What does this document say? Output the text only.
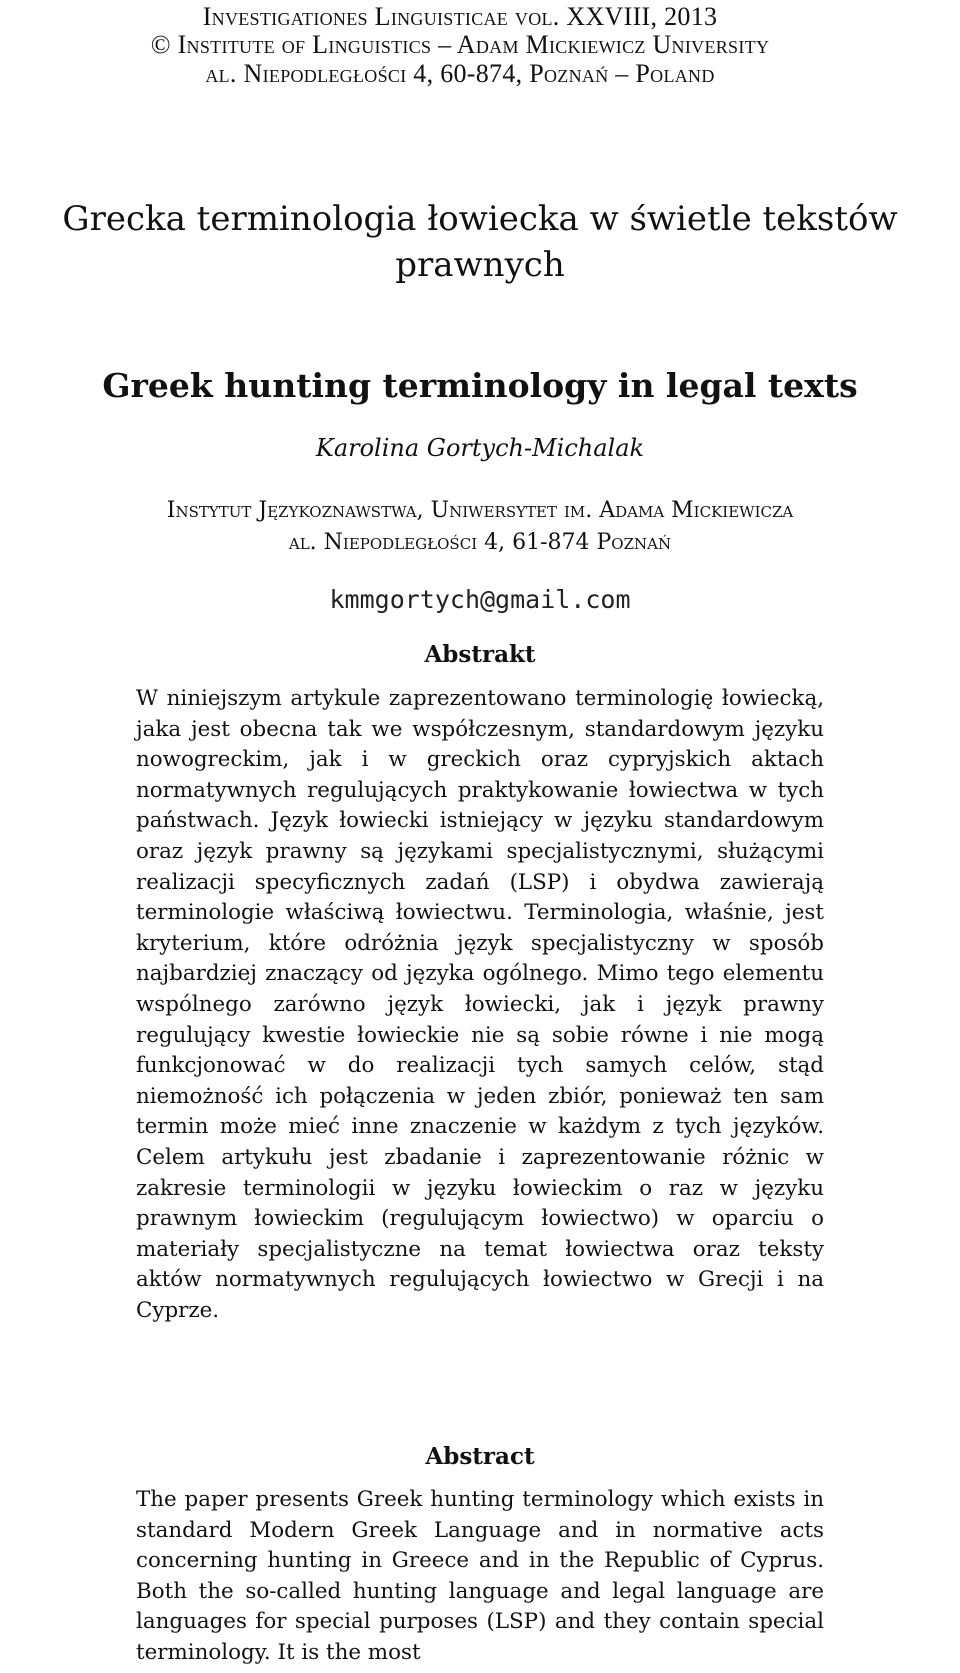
Investigationes Linguisticae vol. XXVIII, 2013
© Institute of Linguistics – Adam Mickiewicz University
al. Niepodległości 4, 60-874, Poznań – Poland
Grecka terminologia łowiecka w świetle tekstów prawnych
Greek hunting terminology in legal texts
Karolina Gortych-Michalak
Instytut Językoznawstwa, Uniwersytet im. Adama Mickiewicza
al. Niepodległości 4, 61-874 Poznań
kmmgortych@gmail.com
Abstrakt

W niniejszym artykule zaprezentowano terminologię łowiecką, jaka jest obecna tak we współczesnym, standardowym języku nowogreckim, jak i w greckich oraz cypryjskich aktach normatywnych regulujących praktykowanie łowiectwa w tych państwach. Język łowiecki istniejący w języku standardowym oraz język prawny są językami specjalistycznymi, służącymi realizacji specyficznych zadań (LSP) i obydwa zawierają terminologie właściwą łowiectwu. Terminologia, właśnie, jest kryterium, które odróżnia język specjalistyczny w sposób najbardziej znaczący od języka ogólnego. Mimo tego elementu wspólnego zarówno język łowiecki, jak i język prawny regulujący kwestie łowieckie nie są sobie równe i nie mogą funkcjonować w do realizacji tych samych celów, stąd niemożność ich połączenia w jeden zbiór, ponieważ ten sam termin może mieć inne znaczenie w każdym z tych języków. Celem artykułu jest zbadanie i zaprezentowanie różnic w zakresie terminologii w języku łowieckim o raz w języku prawnym łowieckim (regulującym łowiectwo) w oparciu o materiały specjalistyczne na temat łowiectwa oraz teksty aktów normatywnych regulujących łowiectwo w Grecji i na Cyprze.

Abstract

The paper presents Greek hunting terminology which exists in standard Modern Greek Language and in normative acts concerning hunting in Greece and in the Republic of Cyprus. Both the so-called hunting language and legal language are languages for special purposes (LSP) and they contain special terminology. It is the most
